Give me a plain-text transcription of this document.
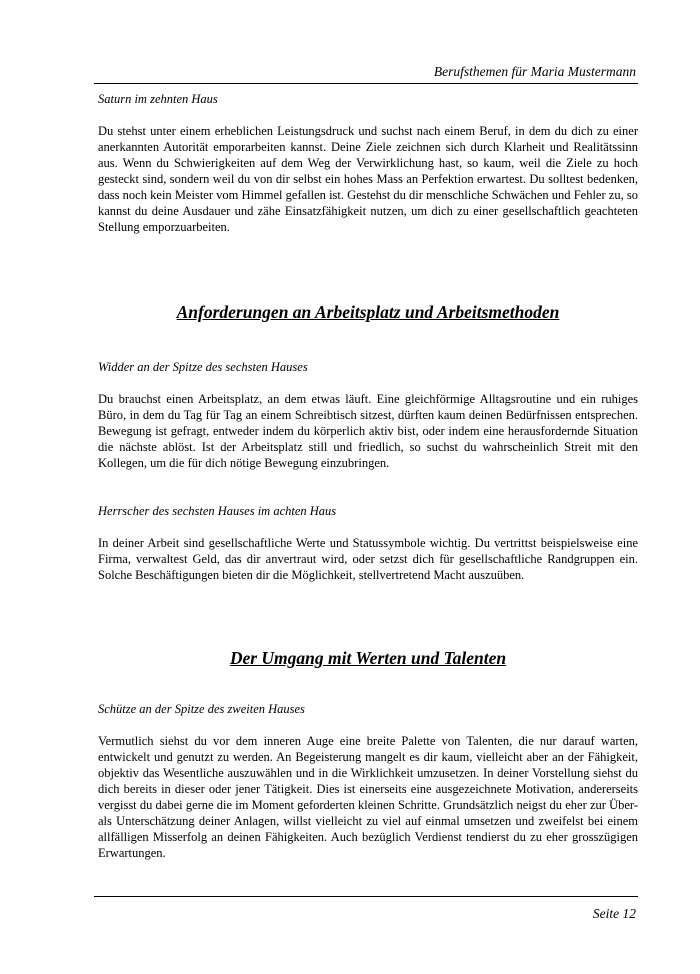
Berufsthemen für Maria Mustermann

Saturn im zehnten Haus

Du stehst unter einem erheblichen Leistungsdruck und suchst nach einem Beruf, in dem du dich zu einer anerkannten Autorität emporarbeiten kannst. Deine Ziele zeichnen sich durch Klarheit und Realitätssinn aus. Wenn du Schwierigkeiten auf dem Weg der Verwirklichung hast, so kaum, weil die Ziele zu hoch gesteckt sind, sondern weil du von dir selbst ein hohes Mass an Perfektion erwartest. Du solltest bedenken, dass noch kein Meister vom Himmel gefallen ist. Gestehst du dir menschliche Schwächen und Fehler zu, so kannst du deine Ausdauer und zähe Einsatzfähigkeit nutzen, um dich zu einer gesellschaftlich geachteten Stellung emporzuarbeiten.

Anforderungen an Arbeitsplatz und Arbeitsmethoden

Widder an der Spitze des sechsten Hauses

Du brauchst einen Arbeitsplatz, an dem etwas läuft. Eine gleichförmige Alltagsroutine und ein ruhiges Büro, in dem du Tag für Tag an einem Schreibtisch sitzest, dürften kaum deinen Bedürfnissen entsprechen. Bewegung ist gefragt, entweder indem du körperlich aktiv bist, oder indem eine herausfordernde Situation die nächste ablöst. Ist der Arbeitsplatz still und friedlich, so suchst du wahrscheinlich Streit mit den Kollegen, um die für dich nötige Bewegung einzubringen.

Herrscher des sechsten Hauses im achten Haus

In deiner Arbeit sind gesellschaftliche Werte und Statussymbole wichtig. Du vertrittst beispielsweise eine Firma, verwaltest Geld, das dir anvertraut wird, oder setzst dich für gesellschaftliche Randgruppen ein. Solche Beschäftigungen bieten dir die Möglichkeit, stellvertretend Macht auszuüben.

Der Umgang mit Werten und Talenten

Schütze an der Spitze des zweiten Hauses

Vermutlich siehst du vor dem inneren Auge eine breite Palette von Talenten, die nur darauf warten, entwickelt und genutzt zu werden. An Begeisterung mangelt es dir kaum, vielleicht aber an der Fähigkeit, objektiv das Wesentliche auszuwählen und in die Wirklichkeit umzusetzen. In deiner Vorstellung siehst du dich bereits in dieser oder jener Tätigkeit. Dies ist einerseits eine ausgezeichnete Motivation, andererseits vergisst du dabei gerne die im Moment geforderten kleinen Schritte. Grundsätzlich neigst du eher zur Über- als Unterschätzung deiner Anlagen, willst vielleicht zu viel auf einmal umsetzen und zweifelst bei einem allfälligen Misserfolg an deinen Fähigkeiten. Auch bezüglich Verdienst tendierst du zu eher grosszügigen Erwartungen.

Seite 12
